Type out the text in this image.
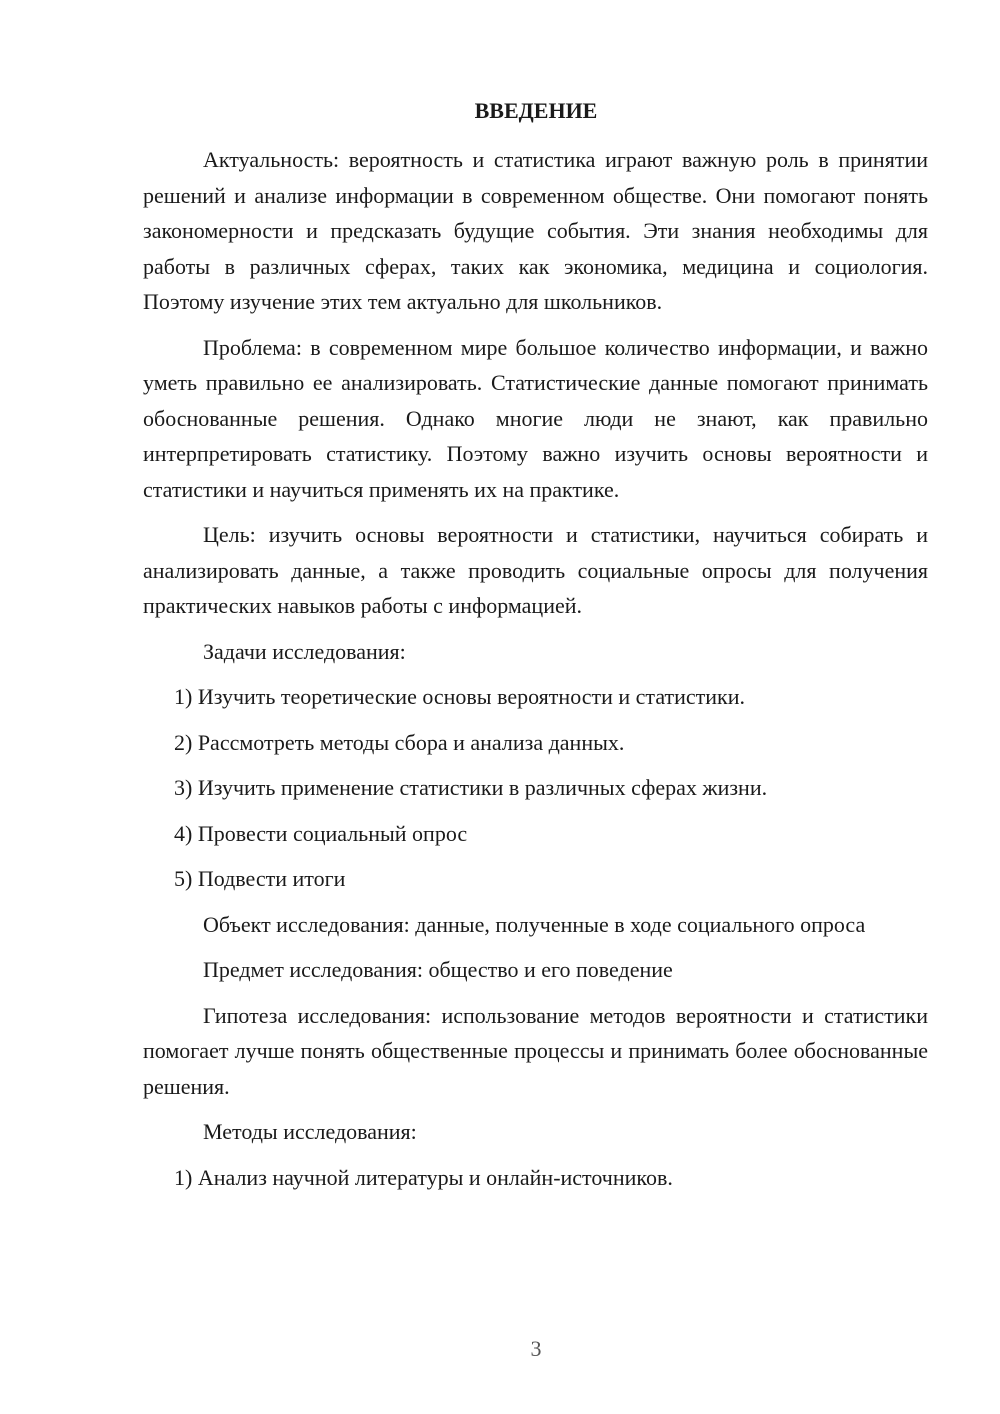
ВВЕДЕНИЕ

Актуальность: вероятность и статистика играют важную роль в принятии решений и анализе информации в современном обществе. Они помогают понять закономерности и предсказать будущие события. Эти знания необходимы для работы в различных сферах, таких как экономика, медицина и социология. Поэтому изучение этих тем актуально для школьников.

Проблема: в современном мире большое количество информации, и важно уметь правильно ее анализировать. Статистические данные помогают принимать обоснованные решения. Однако многие люди не знают, как правильно интерпретировать статистику. Поэтому важно изучить основы вероятности и статистики и научиться применять их на практике.

Цель: изучить основы вероятности и статистики, научиться собирать и анализировать данные, а также проводить социальные опросы для получения практических навыков работы с информацией.

Задачи исследования:

1) Изучить теоретические основы вероятности и статистики.

2) Рассмотреть методы сбора и анализа данных.

3) Изучить применение статистики в различных сферах жизни.

4) Провести социальный опрос

5) Подвести итоги

Объект исследования: данные, полученные в ходе социального опроса

Предмет исследования: общество и его поведение

Гипотеза исследования: использование методов вероятности и статистики помогает лучше понять общественные процессы и принимать более обоснованные решения.

Методы исследования:

1) Анализ научной литературы и онлайн-источников.

3
